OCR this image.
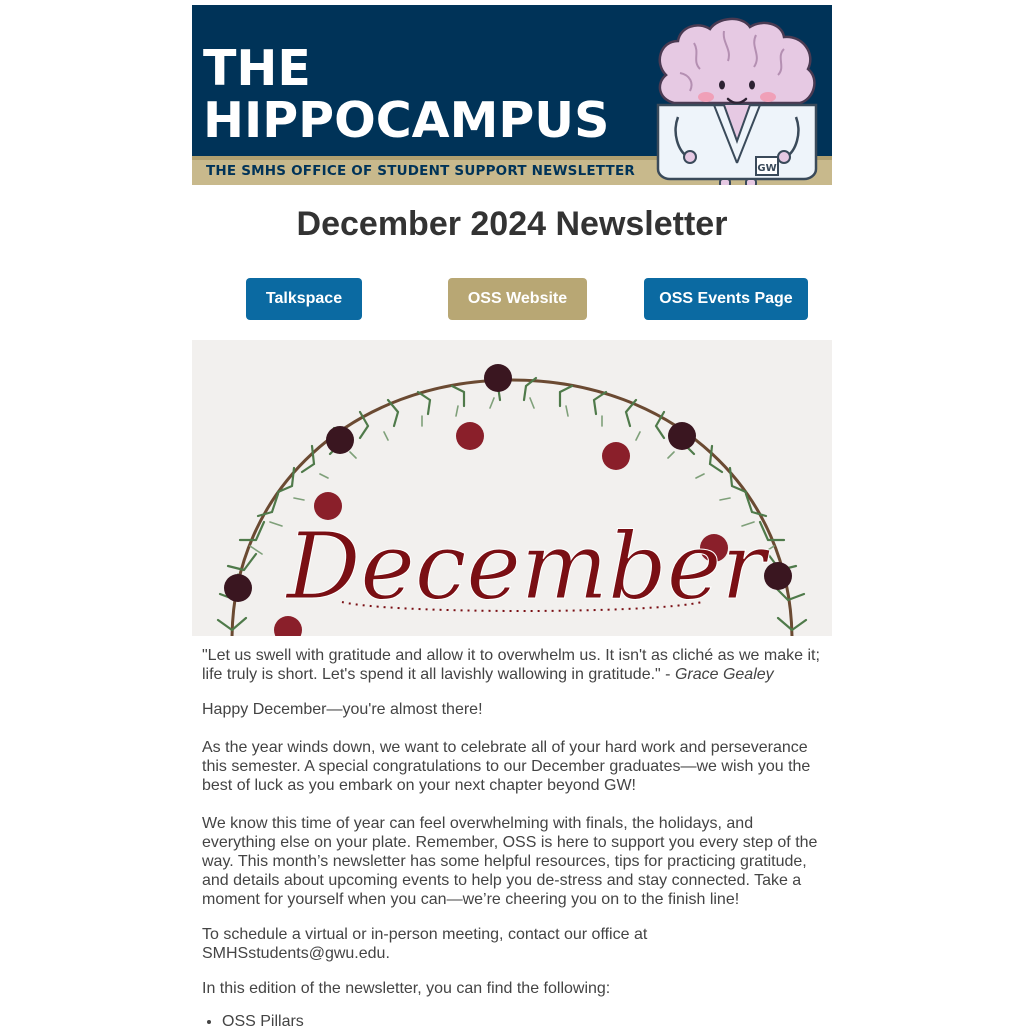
THE
HIPPOCAMPUS
THE SMHS OFFICE OF STUDENT SUPPORT NEWSLETTER	GW
December 2024 Newsletter
Talkspace	OSS Website	OSS Events Page
December

"Let us swell with gratitude and allow it to overwhelm us. It isn't as cliché as we make it; life truly is short. Let's spend it all lavishly wallowing in gratitude." - Grace Gealey

Happy December—you're almost there!

As the year winds down, we want to celebrate all of your hard work and perseverance this semester. A special congratulations to our December graduates—we wish you the best of luck as you embark on your next chapter beyond GW!

We know this time of year can feel overwhelming with finals, the holidays, and everything else on your plate. Remember, OSS is here to support you every step of the way. This month’s newsletter has some helpful resources, tips for practicing gratitude, and details about upcoming events to help you de-stress and stay connected. Take a moment for yourself when you can—we’re cheering you on to the finish line!

To schedule a virtual or in-person meeting, contact our office at
SMHSstudents@gwu.edu.

In this edition of the newsletter, you can find the following:

• OSS Pillars
